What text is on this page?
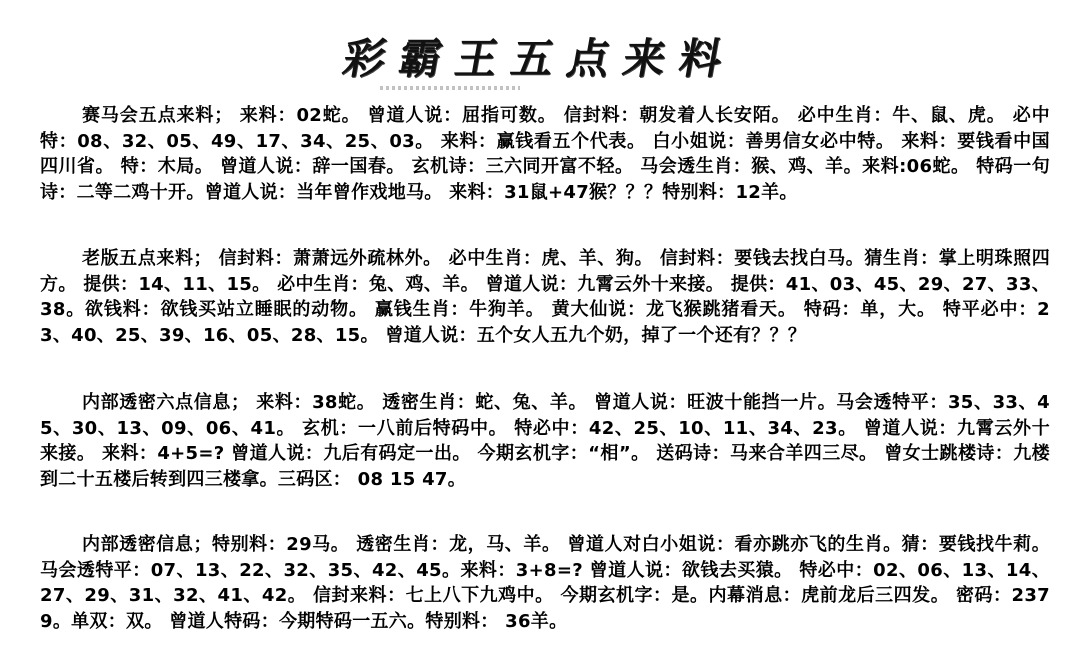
彩霸王五点来料
赛马会五点来料； 来料：02蛇。 曾道人说：屈指可数。 信封料：朝发着人长安陌。 必中生肖：牛、鼠、虎。 必中特：08、32、05、49、17、34、25、03。 来料：赢钱看五个代表。 白小姐说：善男信女必中特。 来料：要钱看中国四川省。 特：木局。 曾道人说：辞一国春。 玄机诗：三六同开富不轻。 马会透生肖：猴、鸡、羊。来料:06蛇。 特码一句诗：二等二鸡十开。曾道人说：当年曾作戏地马。 来料：31鼠+47猴？？？特别料：12羊。
老版五点来料； 信封料：萧萧远外疏林外。 必中生肖：虎、羊、狗。 信封料：要钱去找白马。猜生肖：掌上明珠照四方。 提供：14、11、15。 必中生肖：兔、鸡、羊。 曾道人说：九霄云外十来接。 提供：41、03、45、29、27、33、38。欲钱料：欲钱买站立睡眠的动物。 赢钱生肖：牛狗羊。 黄大仙说：龙飞猴跳猪看天。 特码：单，大。 特平必中：23、40、25、39、16、05、28、15。 曾道人说：五个女人五九个奶，掉了一个还有？？？
内部透密六点信息； 来料：38蛇。 透密生肖：蛇、兔、羊。 曾道人说：旺波十能挡一片。马会透特平：35、33、45、30、13、09、06、41。 玄机：一八前后特码中。 特必中：42、25、10、11、34、23。 曾道人说：九霄云外十来接。 来料：4+5=? 曾道人说：九后有码定一出。 今期玄机字：“相”。 送码诗：马来合羊四三尽。 曾女士跳楼诗：九楼到二十五楼后转到四三楼拿。三码区： 08 15 47。
内部透密信息；特别料：29马。 透密生肖：龙，马、羊。 曾道人对白小姐说：看亦跳亦飞的生肖。猜：要钱找牛莉。马会透特平：07、13、22、32、35、42、45。来料：3+8=? 曾道人说：欲钱去买猿。 特必中：02、06、13、14、27、29、31、32、41、42。 信封来料：七上八下九鸡中。 今期玄机字：是。内幕消息：虎前龙后三四发。 密码：2379。单双：双。 曾道人特码：今期特码一五六。特别料： 36羊。
